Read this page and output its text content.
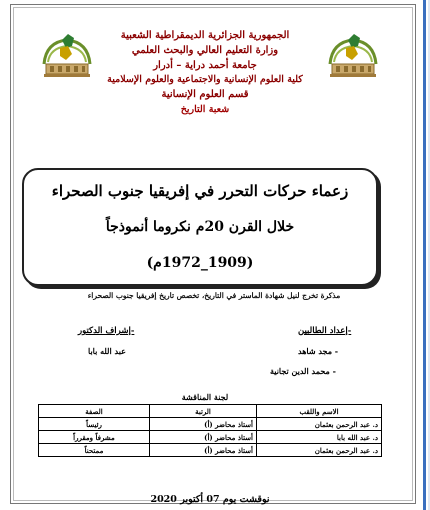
الجمهورية الجزائرية الديمقراطية الشعبية
وزارة التعليم العالي والبحث العلمي
جامعة أحمد دراية – أدرار
كلية العلوم الإنسانية والاجتماعية والعلوم الإسلامية
قسم العلوم الإنسانية
شعبة التاريخ
زعماء حركات التحرر في إفريقيا جنوب الصحراء
خلال القرن 20م نكروما أنموذجاً
(1909_1972م)
مذكرة تخرج لنيل شهادة الماستر في التاريخ، تخصص تاريخ إفريقيا جنوب الصحراء
-إعداد الطالبين
- مجد شاهد
- محمد الدين تجانية
-إشراف الدكتور
عبد الله بابا
لجنة المناقشة
الاسم واللقب	الرتبة	الصفة
د. عبد الرحمن بعثمان	أستاذ محاضر (أ)	رئيساً
د. عبد الله بابا	أستاذ محاضر (أ)	مشرفاً ومقرراً
د. عبد الرحمن بعثمان	أستاذ محاضر (أ)	ممتحناً
نوقشت يوم 07 أكتوبر 2020
